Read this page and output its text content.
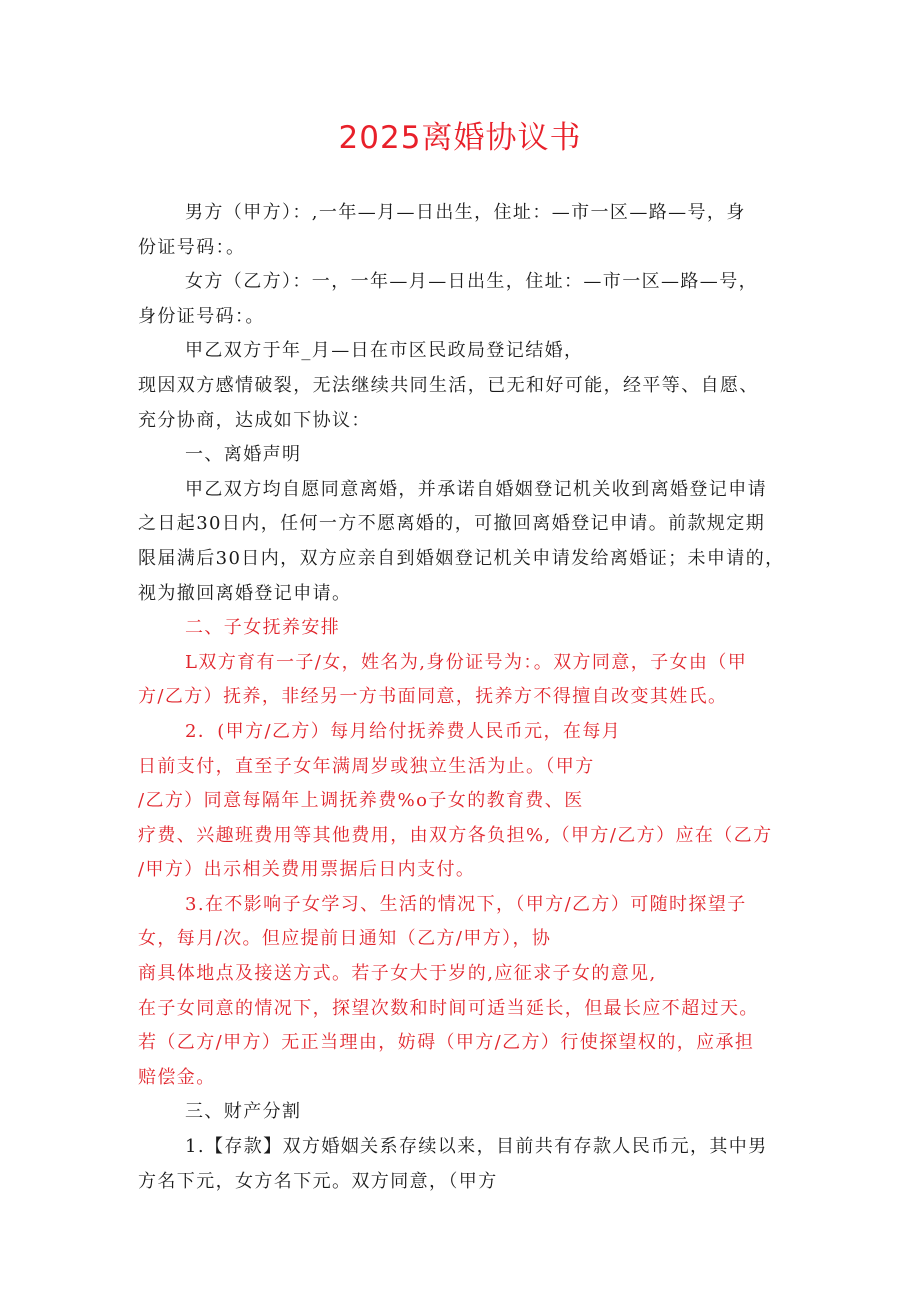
2025离婚协议书
男方（甲方）：,一年—月—日出生，住址：—市一区—路—号，身
份证号码：。
女方（乙方）：一，一年—月—日出生，住址：—市一区—路—号，
身份证号码：。
甲乙双方于年_月—日在市区民政局登记结婚，
现因双方感情破裂，无法继续共同生活，已无和好可能，经平等、自愿、
充分协商，达成如下协议：
一、离婚声明
甲乙双方均自愿同意离婚，并承诺自婚姻登记机关收到离婚登记申请
之日起30日内，任何一方不愿离婚的，可撤回离婚登记申请。前款规定期
限届满后30日内，双方应亲自到婚姻登记机关申请发给离婚证；未申请的，
视为撤回离婚登记申请。
二、子女抚养安排
L双方育有一子/女，姓名为,身份证号为：。双方同意，子女由（甲
方/乙方）抚养，非经另一方书面同意，抚养方不得擅自改变其姓氏。
2．(甲方/乙方）每月给付抚养费人民币元，在每月
日前支付，直至子女年满周岁或独立生活为止。（甲方
/乙方）同意每隔年上调抚养费%o子女的教育费、医
疗费、兴趣班费用等其他费用，由双方各负担%,（甲方/乙方）应在（乙方
/甲方）出示相关费用票据后日内支付。
3.在不影响子女学习、生活的情况下，（甲方/乙方）可随时探望子
女，每月/次。但应提前日通知（乙方/甲方），协
商具体地点及接送方式。若子女大于岁的,应征求子女的意见,
在子女同意的情况下，探望次数和时间可适当延长，但最长应不超过天。
若（乙方/甲方）无正当理由，妨碍（甲方/乙方）行使探望权的，应承担
赔偿金。
三、财产分割
1.【存款】双方婚姻关系存续以来，目前共有存款人民币元，其中男
方名下元，女方名下元。双方同意，（甲方
